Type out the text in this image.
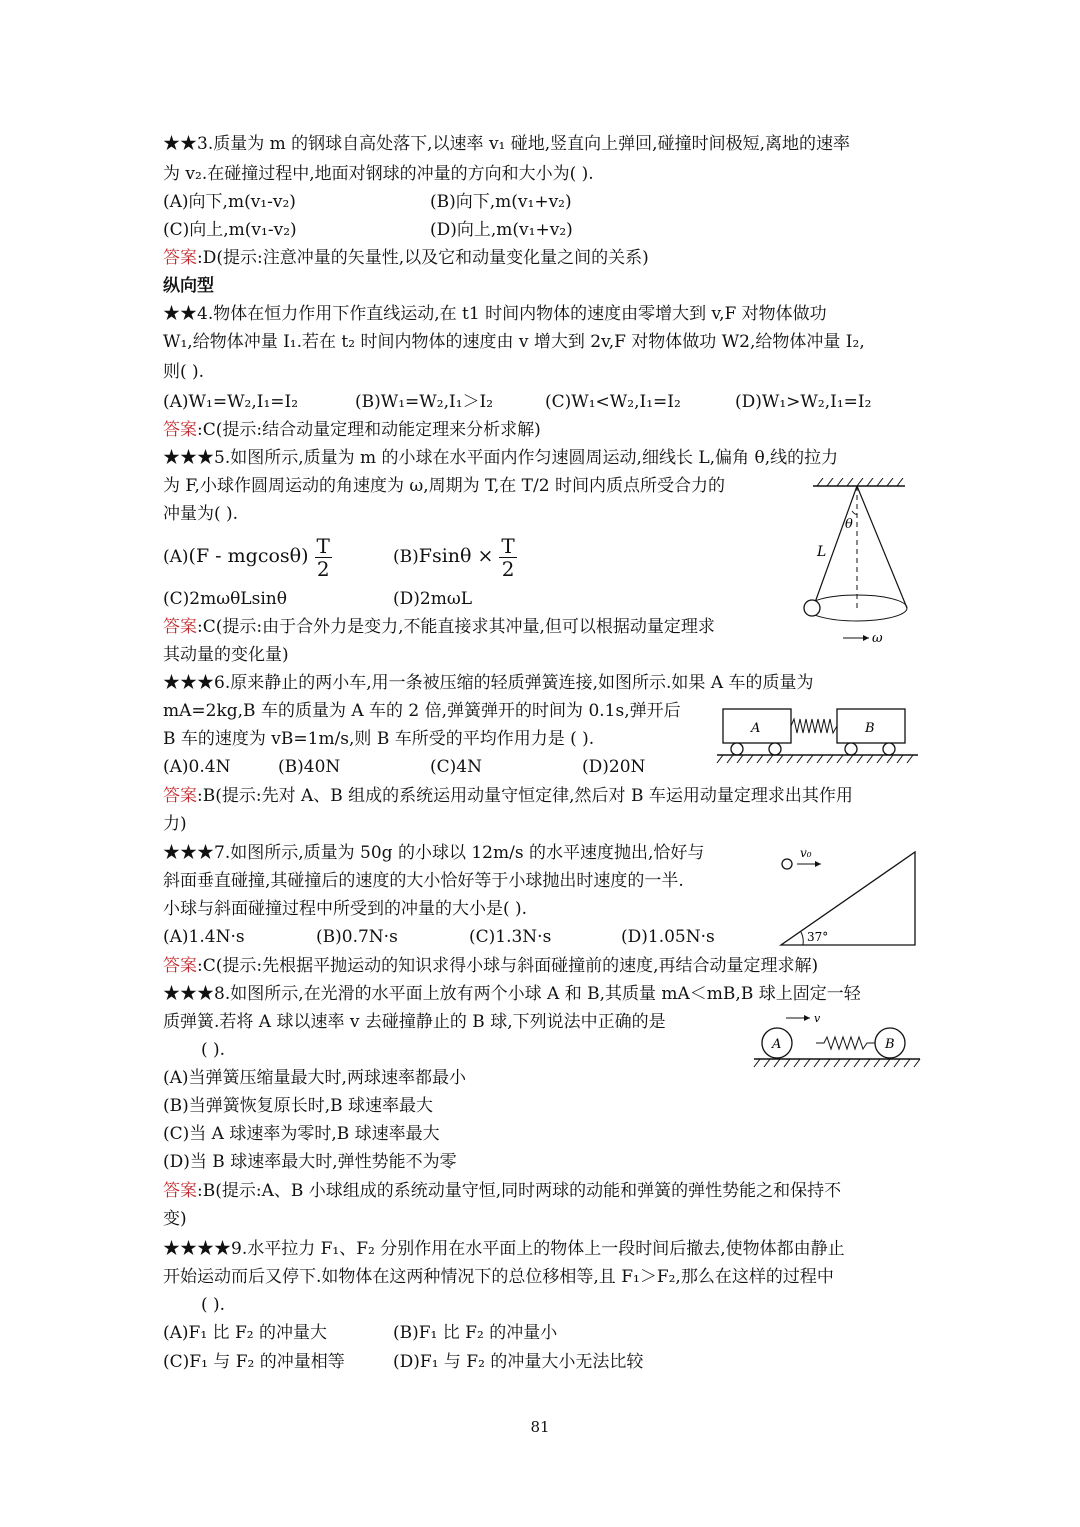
★★3.质量为 m 的钢球自高处落下,以速率 v₁ 碰地,竖直向上弹回,碰撞时间极短,离地的速率
为 v₂.在碰撞过程中,地面对钢球的冲量的方向和大小为( ).
(A)向下,m(v₁-v₂)	(B)向下,m(v₁+v₂)
(C)向上,m(v₁-v₂)	(D)向上,m(v₁+v₂)
答案:D(提示:注意冲量的矢量性,以及它和动量变化量之间的关系)
纵向型
★★4.物体在恒力作用下作直线运动,在 t1 时间内物体的速度由零增大到 v,F 对物体做功
W₁,给物体冲量 I₁.若在 t₂ 时间内物体的速度由 v 增大到 2v,F 对物体做功 W2,给物体冲量 I₂,
则( ).
(A)W₁=W₂,I₁=I₂	(B)W₁=W₂,I₁＞I₂	(C)W₁<W₂,I₁=I₂	(D)W₁>W₂,I₁=I₂
答案:C(提示:结合动量定理和动能定理来分析求解)
★★★5.如图所示,质量为 m 的小球在水平面内作匀速圆周运动,细线长 L,偏角 θ,线的拉力
为 F,小球作圆周运动的角速度为 ω,周期为 T,在 T/2 时间内质点所受合力的
冲量为( ).
$(A)(F - mgcos\theta) \frac{T}{2}$	$(B)Fsin\theta \times \frac{T}{2}$
(C)2mωθLsinθ	(D)2mωL
答案:C(提示:由于合外力是变力,不能直接求其冲量,但可以根据动量定理求
其动量的变化量)
θ
L
ω
★★★6.原来静止的两小车,用一条被压缩的轻质弹簧连接,如图所示.如果 A 车的质量为
mA=2kg,B 车的质量为 A 车的 2 倍,弹簧弹开的时间为 0.1s,弹开后
B 车的速度为 vB=1m/s,则 B 车所受的平均作用力是 ( ).
(A)0.4N	(B)40N	(C)4N	(D)20N
答案:B(提示:先对 A、B 组成的系统运用动量守恒定律,然后对 B 车运用动量定理求出其作用
力)
A	B
★★★7.如图所示,质量为 50g 的小球以 12m/s 的水平速度抛出,恰好与
斜面垂直碰撞,其碰撞后的速度的大小恰好等于小球抛出时速度的一半.
小球与斜面碰撞过程中所受到的冲量的大小是( ).
(A)1.4N·s	(B)0.7N·s	(C)1.3N·s	(D)1.05N·s
答案:C(提示:先根据平抛运动的知识求得小球与斜面碰撞前的速度,再结合动量定理求解)
v₀
37°
★★★8.如图所示,在光滑的水平面上放有两个小球 A 和 B,其质量 mA＜mB,B 球上固定一轻
质弹簧.若将 A 球以速率 v 去碰撞静止的 B 球,下列说法中正确的是
( ).
(A)当弹簧压缩量最大时,两球速率都最小
(B)当弹簧恢复原长时,B 球速率最大
(C)当 A 球速率为零时,B 球速率最大
(D)当 B 球速率最大时,弹性势能不为零
答案:B(提示:A、B 小球组成的系统动量守恒,同时两球的动能和弹簧的弹性势能之和保持不
变)
v
A	B
★★★★9.水平拉力 F₁、F₂ 分别作用在水平面上的物体上一段时间后撤去,使物体都由静止
开始运动而后又停下.如物体在这两种情况下的总位移相等,且 F₁＞F₂,那么在这样的过程中
( ).
(A)F₁ 比 F₂ 的冲量大	(B)F₁ 比 F₂ 的冲量小
(C)F₁ 与 F₂ 的冲量相等	(D)F₁ 与 F₂ 的冲量大小无法比较
81
